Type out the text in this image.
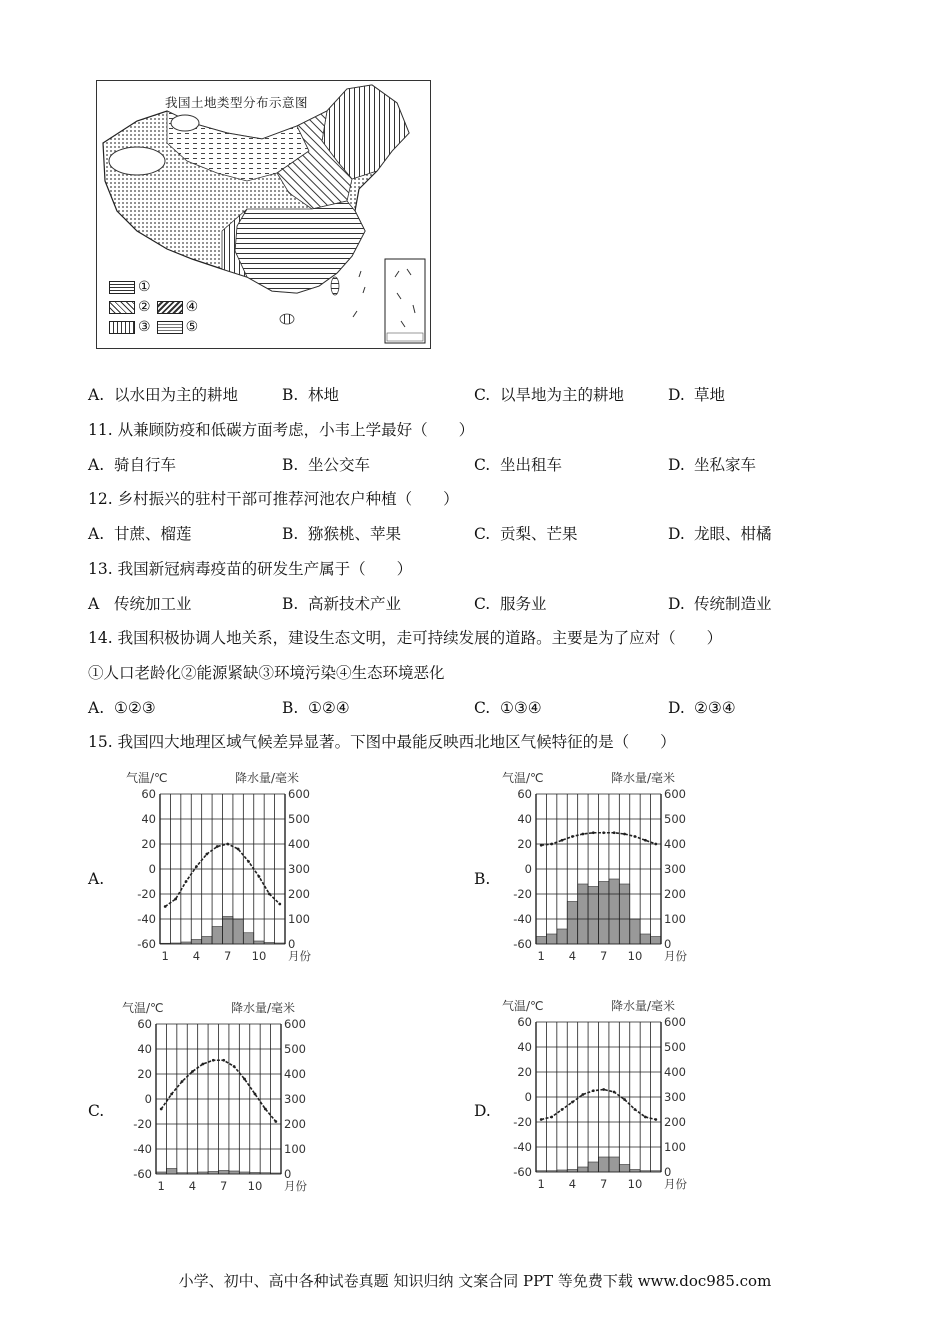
我国土地类型分布示意图
①
②	④
③	⑤
A. 以水田为主的耕地	B. 林地	C. 以旱地为主的耕地	D. 草地
11. 从兼顾防疫和低碳方面考虑，小韦上学最好（　　）
A. 骑自行车	B. 坐公交车	C. 坐出租车	D. 坐私家车
12. 乡村振兴的驻村干部可推荐河池农户种植（　　）
A. 甘蔗、榴莲	B. 猕猴桃、苹果	C. 贡梨、芒果	D. 龙眼、柑橘
13. 我国新冠病毒疫苗的研发生产属于（　　）
A 传统加工业	B. 高新技术产业	C. 服务业	D. 传统制造业
14. 我国积极协调人地关系，建设生态文明，走可持续发展的道路。主要是为了应对（　　）
①人口老龄化②能源紧缺③环境污染④生态环境恶化
A. ①②③	B. ①②④	C. ①③④	D. ②③④
15. 我国四大地理区域气候差异显著。下图中最能反映西北地区气候特征的是（　　）
A.	B.
C.	D.
气温/℃	降水量/毫米
60	600
40	500
20	400
0	300
-20	200
-40	100
-60	0
1 4 7 10 月份
气温/℃	降水量/毫米
60	600
40	500
20	400
0	300
-20	200
-40	100
-60	0
1 4 7 10 月份
气温/℃	降水量/毫米
60	600
40	500
20	400
0	300
-20	200
-40	100
-60	0
1 4 7 10 月份
气温/℃	降水量/毫米
60	600
40	500
20	400
0	300
-20	200
-40	100
-60	0
1 4 7 10 月份
小学、初中、高中各种试卷真题 知识归纳 文案合同 PPT 等免费下载 www.doc985.com
